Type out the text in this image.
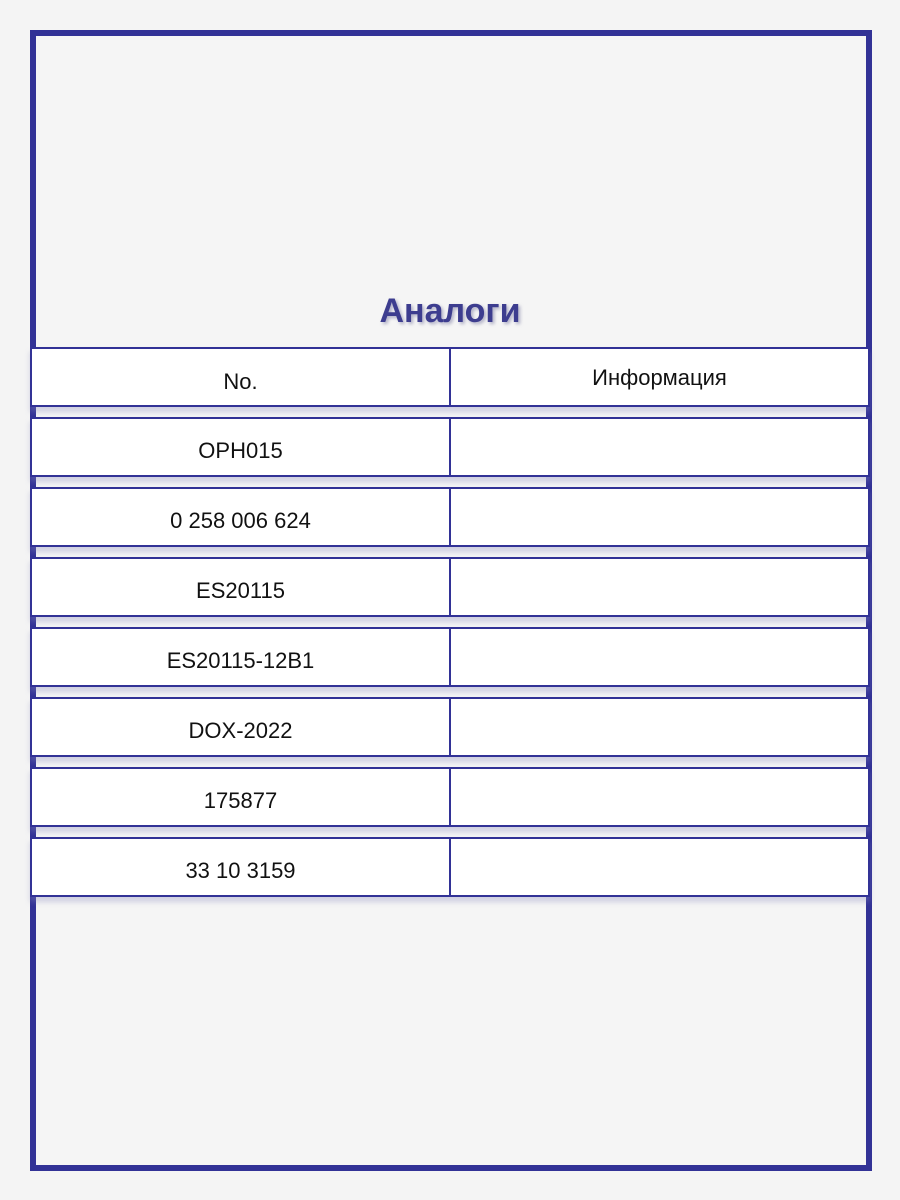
Аналоги
No.	Информация
OPH015
0 258 006 624
ES20115
ES20115-12B1
DOX-2022
175877
33 10 3159
